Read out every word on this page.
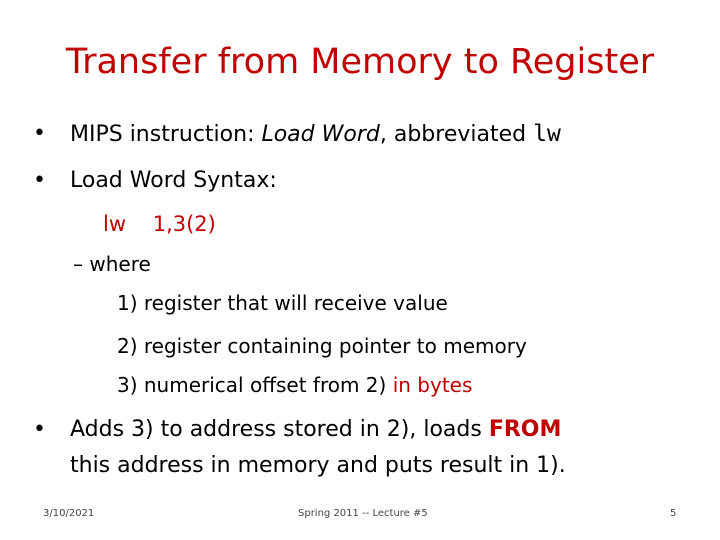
Transfer from Memory to Register
• MIPS instruction: Load Word, abbreviated lw
• Load Word Syntax:
lw    1,3(2)
– where
1) register that will receive value
2) register containing pointer to memory
3) numerical offset from 2) in bytes
• Adds 3) to address stored in 2), loads FROM
this address in memory and puts result in 1).
3/10/2021	Spring 2011 -- Lecture #5	5
